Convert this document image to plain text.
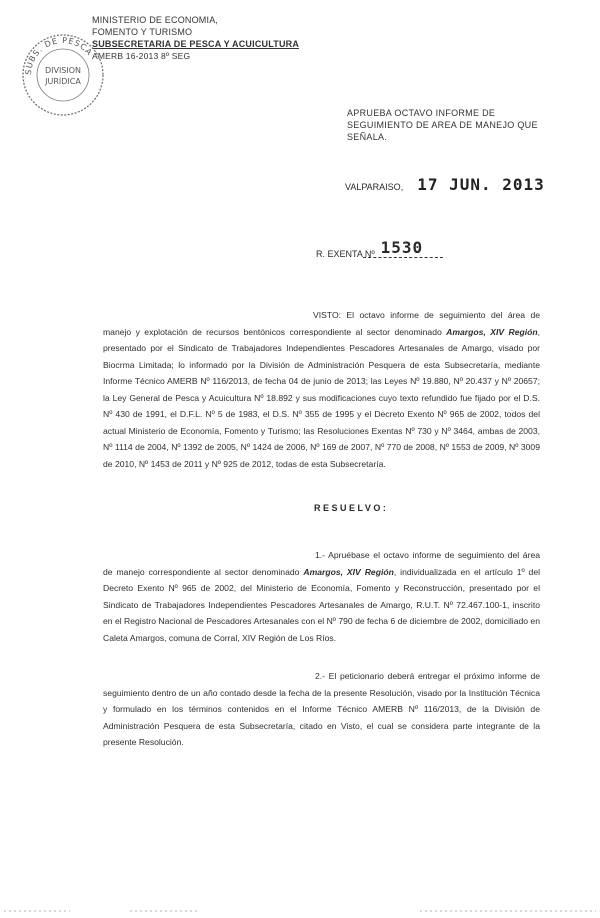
MINISTERIO DE ECONOMIA,
FOMENTO Y TURISMO
SUBSECRETARIA DE PESCA Y ACUICULTURA
AMERB 16-2013 8º SEG
SUBS. DE PESCA
DIVISION
JURIDICA
APRUEBA OCTAVO INFORME DE SEGUIMIENTO DE AREA DE MANEJO QUE SEÑALA.
VALPARAISO, 17 JUN. 2013
R. EXENTA Nº 1530
VISTO: El octavo informe de seguimiento del área de manejo y explotación de recursos bentónicos correspondiente al sector denominado Amargos, XIV Región, presentado por el Sindicato de Trabajadores Independientes Pescadores Artesanales de Amargo, visado por Biocrma Limitada; lo informado por la División de Administración Pesquera de esta Subsecretaría, mediante Informe Técnico AMERB Nº 116/2013, de fecha 04 de junio de 2013; las Leyes Nº 19.880, Nº 20.437 y Nº 20657; la Ley General de Pesca y Acuicultura Nº 18.892 y sus modificaciones cuyo texto refundido fue fijado por el D.S. Nº 430 de 1991, el D.F.L. Nº 5 de 1983, el D.S. Nº 355 de 1995 y el Decreto Exento Nº 965 de 2002, todos del actual Ministerio de Economía, Fomento y Turismo; las Resoluciones Exentas Nº 730 y Nº 3464, ambas de 2003, Nº 1114 de 2004, Nº 1392 de 2005, Nº 1424 de 2006, Nº 169 de 2007, Nº 770 de 2008, Nº 1553 de 2009, Nº 3009 de 2010, Nº 1453 de 2011 y Nº 925 de 2012, todas de esta Subsecretaría.
RESUELVO:
1.- Apruébase el octavo informe de seguimiento del área de manejo correspondiente al sector denominado Amargos, XIV Región, individualizada en el artículo 1º del Decreto Exento Nº 965 de 2002, del Ministerio de Economía, Fomento y Reconstrucción, presentado por el Sindicato de Trabajadores Independientes Pescadores Artesanales de Amargo, R.U.T. Nº 72.467.100-1, inscrito en el Registro Nacional de Pescadores Artesanales con el Nº 790 de fecha 6 de diciembre de 2002, domiciliado en Caleta Amargos, comuna de Corral, XIV Región de Los Ríos.
2.- El peticionario deberá entregar el próximo informe de seguimiento dentro de un año contado desde la fecha de la presente Resolución, visado por la Institución Técnica y formulado en los términos contenidos en el Informe Técnico AMERB Nº 116/2013, de la División de Administración Pesquera de esta Subsecretaría, citado en Visto, el cual se considera parte integrante de la presente Resolución.
